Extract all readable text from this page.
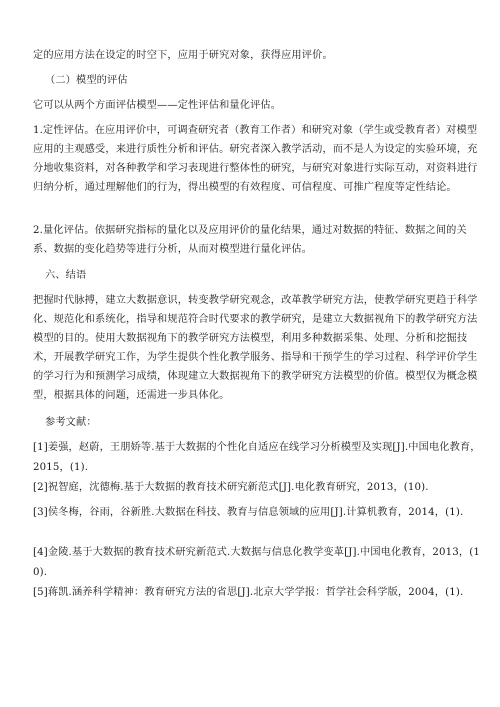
定的应用方法在设定的时空下，应用于研究对象，获得应用评价。

（二）模型的评估

它可以从两个方面评估模型——定性评估和量化评估。

1.定性评估。在应用评价中，可调查研究者（教育工作者）和研究对象（学生或受教育者）对模型应用的主观感受，来进行质性分析和评估。研究者深入教学活动，而不是人为设定的实验环境，充分地收集资料，对各种教学和学习表现进行整体性的研究，与研究对象进行实际互动，对资料进行归纳分析，通过理解他们的行为，得出模型的有效程度、可信程度、可推广程度等定性结论。

2.量化评估。依据研究指标的量化以及应用评价的量化结果，通过对数据的特征、数据之间的关系、数据的变化趋势等进行分析，从而对模型进行量化评估。

六、结语

把握时代脉搏，建立大数据意识，转变教学研究观念，改革教学研究方法，使教学研究更趋于科学化、规范化和系统化，指导和规范符合时代要求的教学研究，是建立大数据视角下的教学研究方法模型的目的。使用大数据视角下的教学研究方法模型，利用多种数据采集、处理、分析和挖掘技术，开展教学研究工作，为学生提供个性化教学服务、指导和干预学生的学习过程、科学评价学生的学习行为和预测学习成绩，体现建立大数据视角下的教学研究方法模型的价值。模型仅为概念模型，根据具体的问题，还需进一步具体化。

参考文献：

[1]姜强，赵蔚，王朋娇等.基于大数据的个性化自适应在线学习分析模型及实现[J].中国电化教育，2015，(1).

[2]祝智庭，沈德梅.基于大数据的教育技术研究新范式[J].电化教育研究，2013，(10).

[3]侯冬梅，谷雨，谷新胜.大数据在科技、教育与信息领域的应用[J].计算机教育，2014，(1).

[4]金陵.基于大数据的教育技术研究新范式.大数据与信息化教学变革[J].中国电化教育，2013，(10).

[5]蒋凯.涵养科学精神：教育研究方法的省思[J].北京大学学报：哲学社会科学版，2004，(1).
